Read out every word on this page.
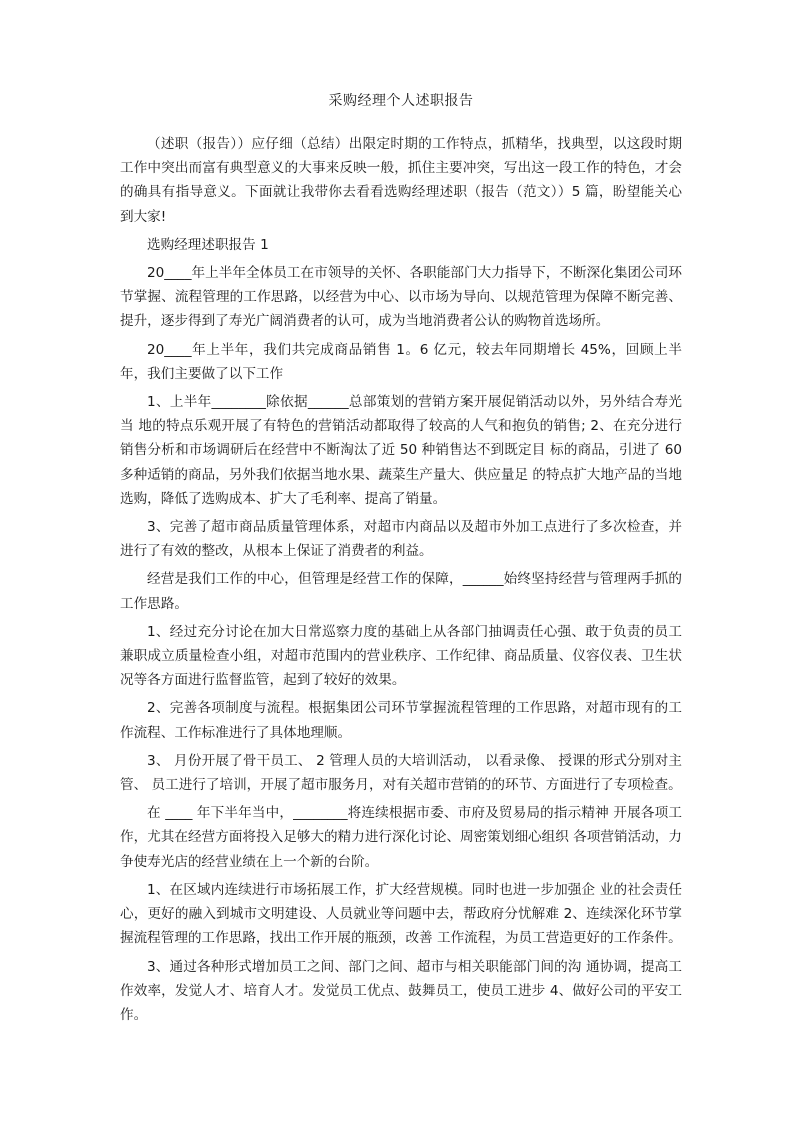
采购经理个人述职报告

（述职（报告））应仔细（总结）出限定时期的工作特点，抓精华，找典型，以这段时期工作中突出而富有典型意义的大事来反映一般，抓住主要冲突，写出这一段工作的特色，才会的确具有指导意义。下面就让我带你去看看选购经理述职（报告（范文））5 篇，盼望能关心到大家!

选购经理述职报告 1

20____年上半年全体员工在市领导的关怀、各职能部门大力指导下，不断深化集团公司环节掌握、流程管理的工作思路，以经营为中心、以市场为导向、以规范管理为保障不断完善、提升，逐步得到了寿光广阔消费者的认可，成为当地消费者公认的购物首选场所。

20____年上半年，我们共完成商品销售 1。6 亿元，较去年同期增长 45%，回顾上半年，我们主要做了以下工作

1、上半年________除依据______总部策划的营销方案开展促销活动以外，另外结合寿光当 地的特点乐观开展了有特色的营销活动都取得了较高的人气和抱负的销售; 2、在充分进行销售分析和市场调研后在经营中不断淘汰了近 50 种销售达不到既定目 标的商品，引进了 60 多种适销的商品，另外我们依据当地水果、蔬菜生产量大、供应量足 的特点扩大地产品的当地选购，降低了选购成本、扩大了毛利率、提高了销量。

3、完善了超市商品质量管理体系，对超市内商品以及超市外加工点进行了多次检查，并进行了有效的整改，从根本上保证了消费者的利益。

经营是我们工作的中心，但管理是经营工作的保障，______始终坚持经营与管理两手抓的 工作思路。

1、经过充分讨论在加大日常巡察力度的基础上从各部门抽调责任心强、敢于负责的员工兼职成立质量检查小组，对超市范围内的营业秩序、工作纪律、商品质量、仪容仪表、卫生状况等各方面进行监督监管，起到了较好的效果。

2、完善各项制度与流程。根据集团公司环节掌握流程管理的工作思路，对超市现有的工作流程、工作标准进行了具体地理顺。

3、 月份开展了骨干员工、 2 管理人员的大培训活动， 以看录像、 授课的形式分别对主管、 员工进行了培训，开展了超市服务月，对有关超市营销的的环节、方面进行了专项检查。

在 ____ 年下半年当中，________将连续根据市委、市府及贸易局的指示精神 开展各项工作，尤其在经营方面将投入足够大的精力进行深化讨论、周密策划细心组织 各项营销活动，力争使寿光店的经营业绩在上一个新的台阶。

1、在区域内连续进行市场拓展工作，扩大经营规模。同时也进一步加强企 业的社会责任心，更好的融入到城市文明建设、人员就业等问题中去，帮政府分忧解难 2、连续深化环节掌握流程管理的工作思路，找出工作开展的瓶颈，改善 工作流程，为员工营造更好的工作条件。

3、通过各种形式增加员工之间、部门之间、超市与相关职能部门间的沟 通协调，提高工作效率，发觉人才、培育人才。发觉员工优点、鼓舞员工，使员工进步 4、做好公司的平安工作。
